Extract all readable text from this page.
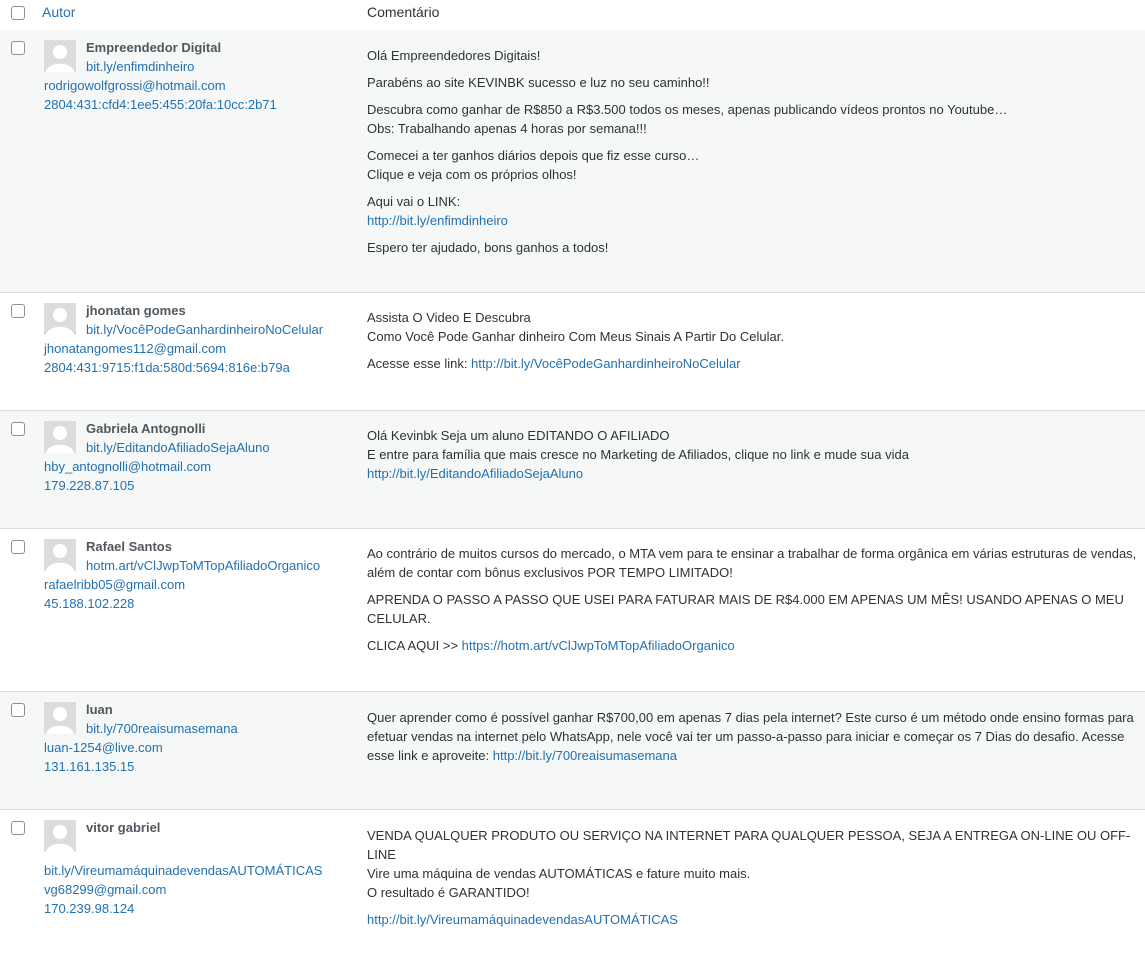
Autor	Comentário
Empreendedor Digital
bit.ly/enfimdinheiro
rodrigowolfgrossi@hotmail.com
2804:431:cfd4:1ee5:455:20fa:10cc:2b71

Olá Empreendedores Digitais!

Parabéns ao site KEVINBK sucesso e luz no seu caminho!!

Descubra como ganhar de R$850 a R$3.500 todos os meses, apenas publicando vídeos prontos no Youtube…
Obs: Trabalhando apenas 4 horas por semana!!!

Comecei a ter ganhos diários depois que fiz esse curso…
Clique e veja com os próprios olhos!

Aqui vai o LINK:
http://bit.ly/enfimdinheiro

Espero ter ajudado, bons ganhos a todos!

jhonatan gomes
bit.ly/VocêPodeGanhardinheiroNoCelular
jhonatangomes112@gmail.com
2804:431:9715:f1da:580d:5694:816e:b79a

Assista O Video E Descubra
Como Você Pode Ganhar dinheiro Com Meus Sinais A Partir Do Celular.

Acesse esse link: http://bit.ly/VocêPodeGanhardinheiroNoCelular

Gabriela Antognolli
bit.ly/EditandoAfiliadoSejaAluno
hby_antognolli@hotmail.com
179.228.87.105

Olá Kevinbk Seja um aluno EDITANDO O AFILIADO
E entre para família que mais cresce no Marketing de Afiliados, clique no link e mude sua vida
http://bit.ly/EditandoAfiliadoSejaAluno

Rafael Santos
hotm.art/vClJwpToMTopAfiliadoOrganico
rafaelribb05@gmail.com
45.188.102.228

Ao contrário de muitos cursos do mercado, o MTA vem para te ensinar a trabalhar de forma orgânica em várias estruturas de vendas, além de contar com bônus exclusivos POR TEMPO LIMITADO!

APRENDA O PASSO A PASSO QUE USEI PARA FATURAR MAIS DE R$4.000 EM APENAS UM MÊS! USANDO APENAS O MEU CELULAR.

CLICA AQUI >> https://hotm.art/vClJwpToMTopAfiliadoOrganico

luan
bit.ly/700reaisumasemana
luan-1254@live.com
131.161.135.15

Quer aprender como é possível ganhar R$700,00 em apenas 7 dias pela internet? Este curso é um método onde ensino formas para efetuar vendas na internet pelo WhatsApp, nele você vai ter um passo-a-passo para iniciar e começar os 7 Dias do desafio. Acesse esse link e aproveite: http://bit.ly/700reaisumasemana

vitor gabriel
bit.ly/VireumamáquinadevendasAUTOMÁTICAS
vg68299@gmail.com
170.239.98.124

VENDA QUALQUER PRODUTO OU SERVIÇO NA INTERNET PARA QUALQUER PESSOA, SEJA A ENTREGA ON-LINE OU OFF-LINE
Vire uma máquina de vendas AUTOMÁTICAS e fature muito mais.
O resultado é GARANTIDO!

http://bit.ly/VireumamáquinadevendasAUTOMÁTICAS
